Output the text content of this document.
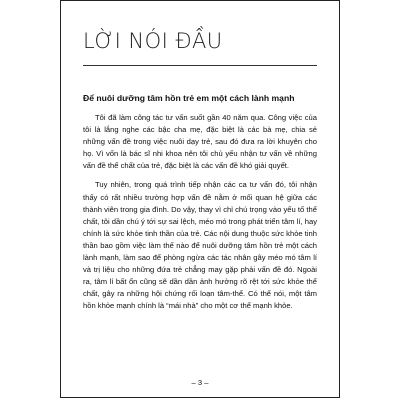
LỜI NÓI ĐẦU
Để nuôi dưỡng tâm hồn trẻ em một cách lành mạnh

Tôi đã làm công tác tư vấn suốt gần 40 năm qua. Công việc của tôi là lắng nghe các bậc cha mẹ, đặc biệt là các bà mẹ, chia sẻ những vấn đề trong việc nuôi dạy trẻ, sau đó đưa ra lời khuyên cho họ. Vì vốn là bác sĩ nhi khoa nên tôi chủ yếu nhận tư vấn về những vấn đề thể chất của trẻ, đặc biệt là các vấn đề khó giải quyết.

Tuy nhiên, trong quá trình tiếp nhận các ca tư vấn đó, tôi nhận thấy có rất nhiều trường hợp vấn đề nằm ở mối quan hệ giữa các thành viên trong gia đình. Do vậy, thay vì chỉ chú trọng vào yếu tố thể chất, tôi dần chú ý tới sự sai lệch, méo mó trong phát triển tâm lí, hay chính là sức khỏe tinh thần của trẻ. Các nội dung thuộc sức khỏe tinh thần bao gồm việc làm thế nào để nuôi dưỡng tâm hồn trẻ một cách lành mạnh, làm sao để phòng ngừa các tác nhân gây méo mó tâm lí và trị liệu cho những đứa trẻ chẳng may gặp phải vấn đề đó. Ngoài ra, tâm lí bất ổn cũng sẽ dần dần ảnh hưởng rõ rệt tới sức khỏe thể chất, gây ra những hội chứng rối loạn tâm-thể. Có thể nói, một tâm hồn khỏe mạnh chính là “mái nhà” cho một cơ thể mạnh khỏe.

– 3 –
